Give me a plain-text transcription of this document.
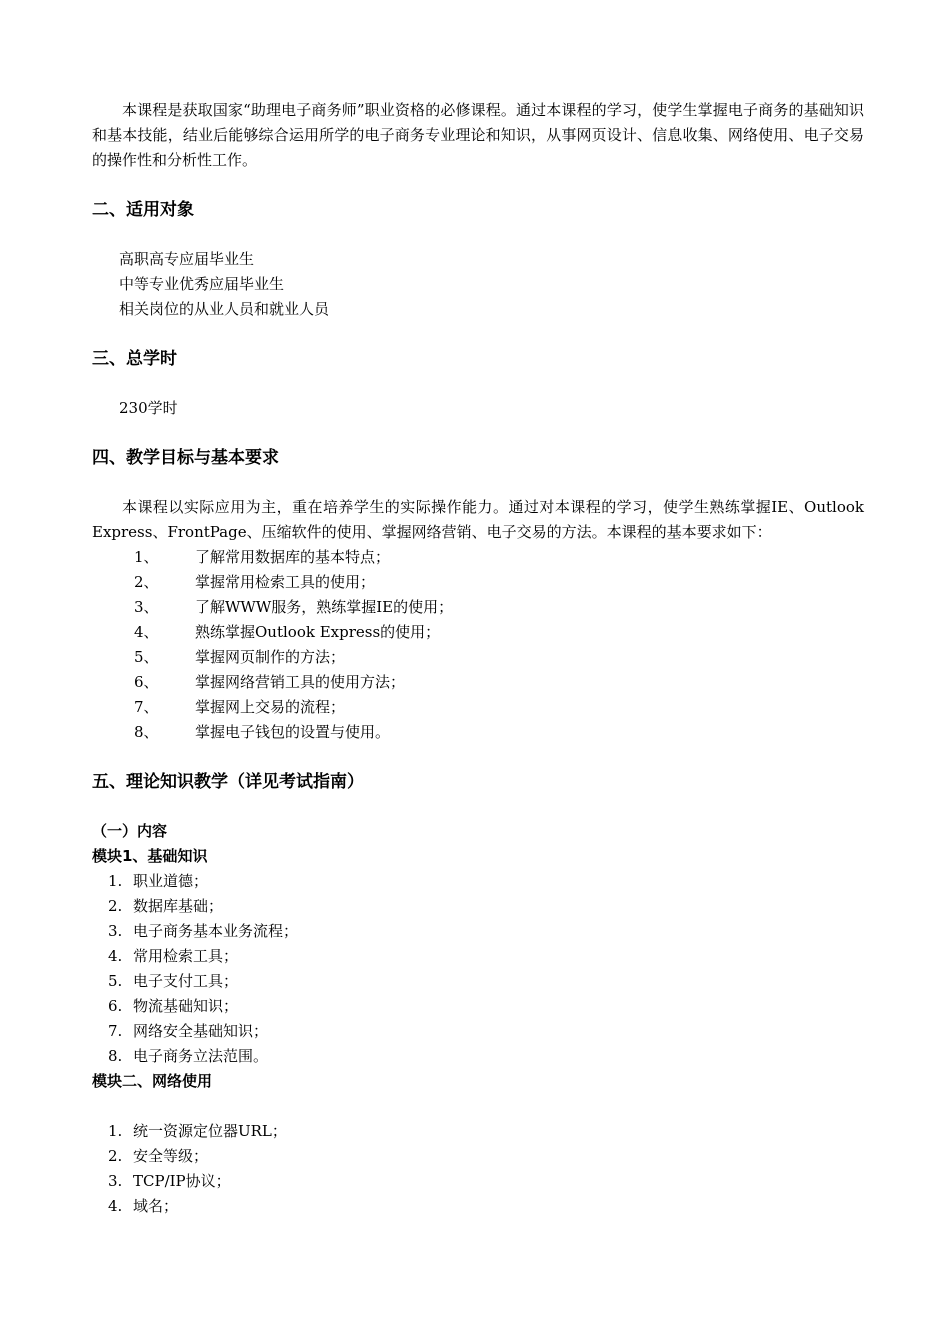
本课程是获取国家“助理电子商务师”职业资格的必修课程。通过本课程的学习，使学生掌握电子商务的基础知识和基本技能，结业后能够综合运用所学的电子商务专业理论和知识，从事网页设计、信息收集、网络使用、电子交易的操作性和分析性工作。

二、适用对象

高职高专应届毕业生

中等专业优秀应届毕业生

相关岗位的从业人员和就业人员

三、总学时

230学时

四、教学目标与基本要求

本课程以实际应用为主，重在培养学生的实际操作能力。通过对本课程的学习，使学生熟练掌握IE、Outlook Express、FrontPage、压缩软件的使用、掌握网络营销、电子交易的方法。本课程的基本要求如下：

1、	了解常用数据库的基本特点；
2、	掌握常用检索工具的使用；
3、	了解WWW服务，熟练掌握IE的使用；
4、	熟练掌握Outlook Express的使用；
5、	掌握网页制作的方法；
6、	掌握网络营销工具的使用方法；
7、	掌握网上交易的流程；
8、	掌握电子钱包的设置与使用。
五、理论知识教学（详见考试指南）

（一）内容

模块1、基础知识

1. 职业道德；

2. 数据库基础；

3. 电子商务基本业务流程；

4. 常用检索工具；

5. 电子支付工具；

6. 物流基础知识；

7. 网络安全基础知识；

8. 电子商务立法范围。

模块二、网络使用

1. 统一资源定位器URL；

2. 安全等级；

3. TCP/IP协议；

4. 域名；
